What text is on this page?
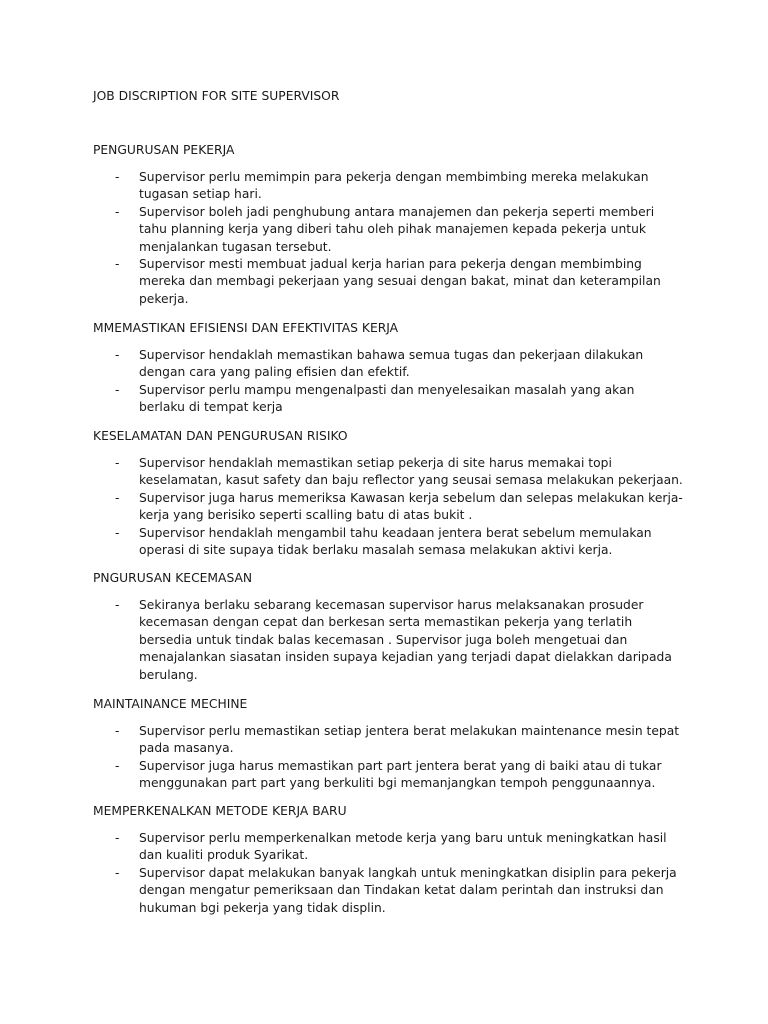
JOB DISCRIPTION FOR SITE SUPERVISOR
PENGURUSAN PEKERJA
- Supervisor perlu memimpin para pekerja dengan membimbing mereka melakukan tugasan setiap hari.
- Supervisor boleh jadi penghubung antara manajemen dan pekerja seperti memberi tahu planning kerja yang diberi tahu oleh pihak manajemen kepada pekerja untuk menjalankan tugasan tersebut.
- Supervisor mesti membuat jadual kerja harian para pekerja dengan membimbing mereka dan membagi pekerjaan yang sesuai dengan bakat, minat dan keterampilan pekerja.
MMEMASTIKAN EFISIENSI DAN EFEKTIVITAS KERJA
- Supervisor hendaklah memastikan bahawa semua tugas dan pekerjaan dilakukan dengan cara yang paling efisien dan efektif.
- Supervisor perlu mampu mengenalpasti dan menyelesaikan masalah yang akan berlaku di tempat kerja
KESELAMATAN DAN PENGURUSAN RISIKO
- Supervisor hendaklah memastikan setiap pekerja di site harus memakai topi keselamatan, kasut safety dan baju reflector yang seusai semasa melakukan pekerjaan.
- Supervisor juga harus memeriksa Kawasan kerja sebelum dan selepas melakukan kerja-kerja yang berisiko seperti scalling batu di atas bukit .
- Supervisor hendaklah mengambil tahu keadaan jentera berat sebelum memulakan operasi di site supaya tidak berlaku masalah semasa melakukan aktivi kerja.
PNGURUSAN KECEMASAN
- Sekiranya berlaku sebarang kecemasan supervisor harus melaksanakan prosuder kecemasan dengan cepat dan berkesan serta memastikan pekerja yang terlatih bersedia untuk tindak balas kecemasan . Supervisor juga boleh mengetuai dan menajalankan siasatan insiden supaya kejadian yang terjadi dapat dielakkan daripada berulang.
MAINTAINANCE MECHINE
- Supervisor perlu memastikan setiap jentera berat melakukan maintenance mesin tepat pada masanya.
- Supervisor juga harus memastikan part part jentera berat yang di baiki atau di tukar menggunakan part part yang berkuliti bgi memanjangkan tempoh penggunaannya.
MEMPERKENALKAN METODE KERJA BARU
- Supervisor perlu memperkenalkan metode kerja yang baru untuk meningkatkan hasil dan kualiti produk Syarikat.
- Supervisor dapat melakukan banyak langkah untuk meningkatkan disiplin para pekerja dengan mengatur pemeriksaan dan Tindakan ketat dalam perintah dan instruksi dan hukuman bgi pekerja yang tidak displin.
